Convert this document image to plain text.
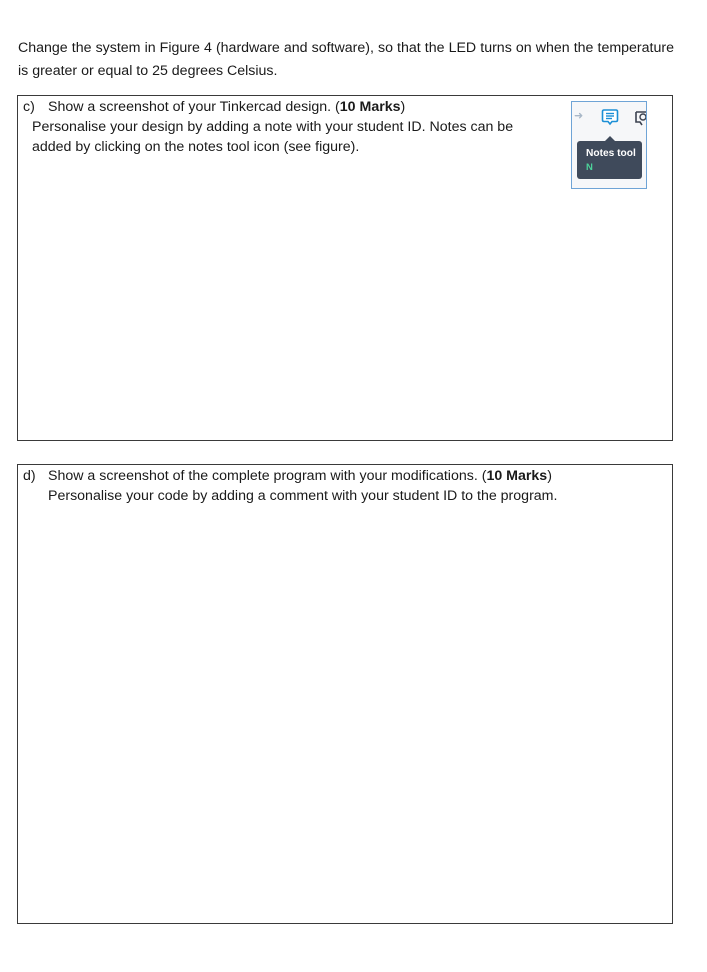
Change the system in Figure 4 (hardware and software), so that the LED turns on when the temperature is greater or equal to 25 degrees Celsius.
c) Show a screenshot of your Tinkercad design. (10 Marks)
Personalise your design by adding a note with your student ID. Notes can be
added by clicking on the notes tool icon (see figure).
➜
Notes tool
N
d) Show a screenshot of the complete program with your modifications. (10 Marks)
Personalise your code by adding a comment with your student ID to the program.
